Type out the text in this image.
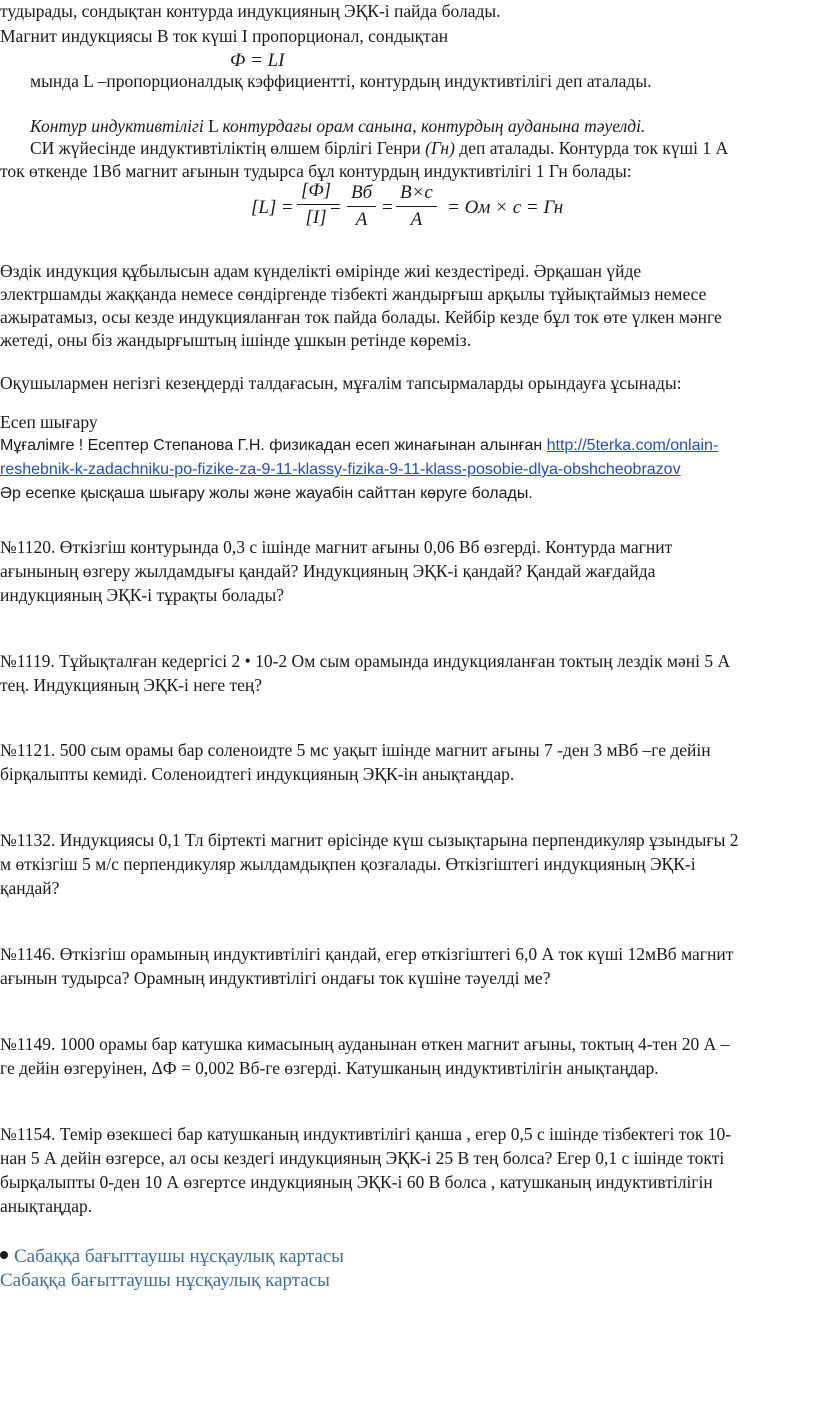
тудырады, сондықтан контурда индукцияның ЭҚК-і пайда болады.
Магнит индукциясы В ток күші І пропорционал, сондықтан
Ф = LI
мында L –пропорционалдық кэффициентті, контурдың индуктивтілігі деп аталады.
Контур индуктивтілігі L контурдағы орам санына, контурдың ауданына тәуелді.
СИ жүйесінде индуктивтіліктің өлшем бірлігі Генри (Гн) деп аталады. Контурда ток күші 1 А
ток өткенде 1Вб магнит ағынын тудырса бұл контурдың индуктивтілігі 1 Гн болады:
[L] =
[Ф]
[I] =
Вб
А
=
В×с
А
= Ом × с = Гн
Өздік индукция құбылысын адам күнделікті өмірінде жиі кездестіреді. Әрқашан үйде
электршамды жаққанда немесе сөндіргенде тізбекті жандырғыш арқылы тұйықтаймыз немесе
ажыратамыз, осы кезде индукцияланған ток пайда болады. Кейбір кезде бұл ток өте үлкен мәнге
жетеді, оны біз жандырғыштың ішінде ұшкын ретінде көреміз.
Оқушылармен негізгі кезеңдерді талдағасын, мұғалім тапсырмаларды орындауға ұсынады:
Есеп шығару
Мұғалімге ! Есептер Степанова Г.Н. физикадан есеп жинағынан алынған http://5terka.com/onlain-
reshebnik-k-zadachniku-po-fizike-za-9-11-klassy-fizika-9-11-klass-posobie-dlya-obshcheobrazov
Әр есепке қысқаша шығару жолы және жауабін сайттан көруге болады.
№1120. Өткізгіш контурында 0,3 с ішінде магнит ағыны 0,06 Вб өзгерді. Контурда магнит
ағынының өзгеру жылдамдығы қандай? Индукцияның ЭҚК-і қандай? Қандай жағдайда
индукцияның ЭҚК-і тұрақты болады?
№1119. Тұйықталған кедергісі 2 • 10-2 Ом сым орамында индукцияланған токтың лездік мәні 5 А
тең. Индукцияның ЭҚК-і неге тең?
№1121. 500 сым орамы бар соленоидте 5 мс уақыт ішінде магнит ағыны 7 -ден 3 мВб –ге дейін
бірқалыпты кемиді. Соленоидтегі индукцияның ЭҚК-ін анықтаңдар.
№1132. Индукциясы 0,1 Тл біртекті магнит өрісінде күш сызықтарына перпендикуляр ұзындығы 2
м өткізгіш 5 м/с перпендикуляр жылдамдықпен қозғалады. Өткізгіштегі индукцияның ЭҚК-і
қандай?
№1146. Өткізгіш орамының индуктивтілігі қандай, егер өткізгіштегі 6,0 А ток күші 12мВб магнит
ағынын тудырса? Орамның индуктивтілігі ондағы ток күшіне тәуелді ме?
№1149. 1000 орамы бар катушка кимасының ауданынан өткен магнит ағыны, токтың 4-тен 20 А –
ге дейін өзгеруінен, ΔФ = 0,002 Вб-ге өзгерді. Катушканың индуктивтілігін анықтаңдар.
№1154. Темір өзекшесі бар катушканың индуктивтілігі қанша , егер 0,5 с ішінде тізбектегі ток 10-
нан 5 А дейін өзгерсе, ал осы кездегі индукцияның ЭҚК-і 25 В тең болса? Егер 0,1 с ішінде токті
бырқалыпты 0-ден 10 А өзгертсе индукцияның ЭҚК-і 60 В болса , катушканың индуктивтілігін
анықтаңдар.
Сабаққа бағыттаушы нұсқаулық картасы
Сабаққа бағыттаушы нұсқаулық картасы
